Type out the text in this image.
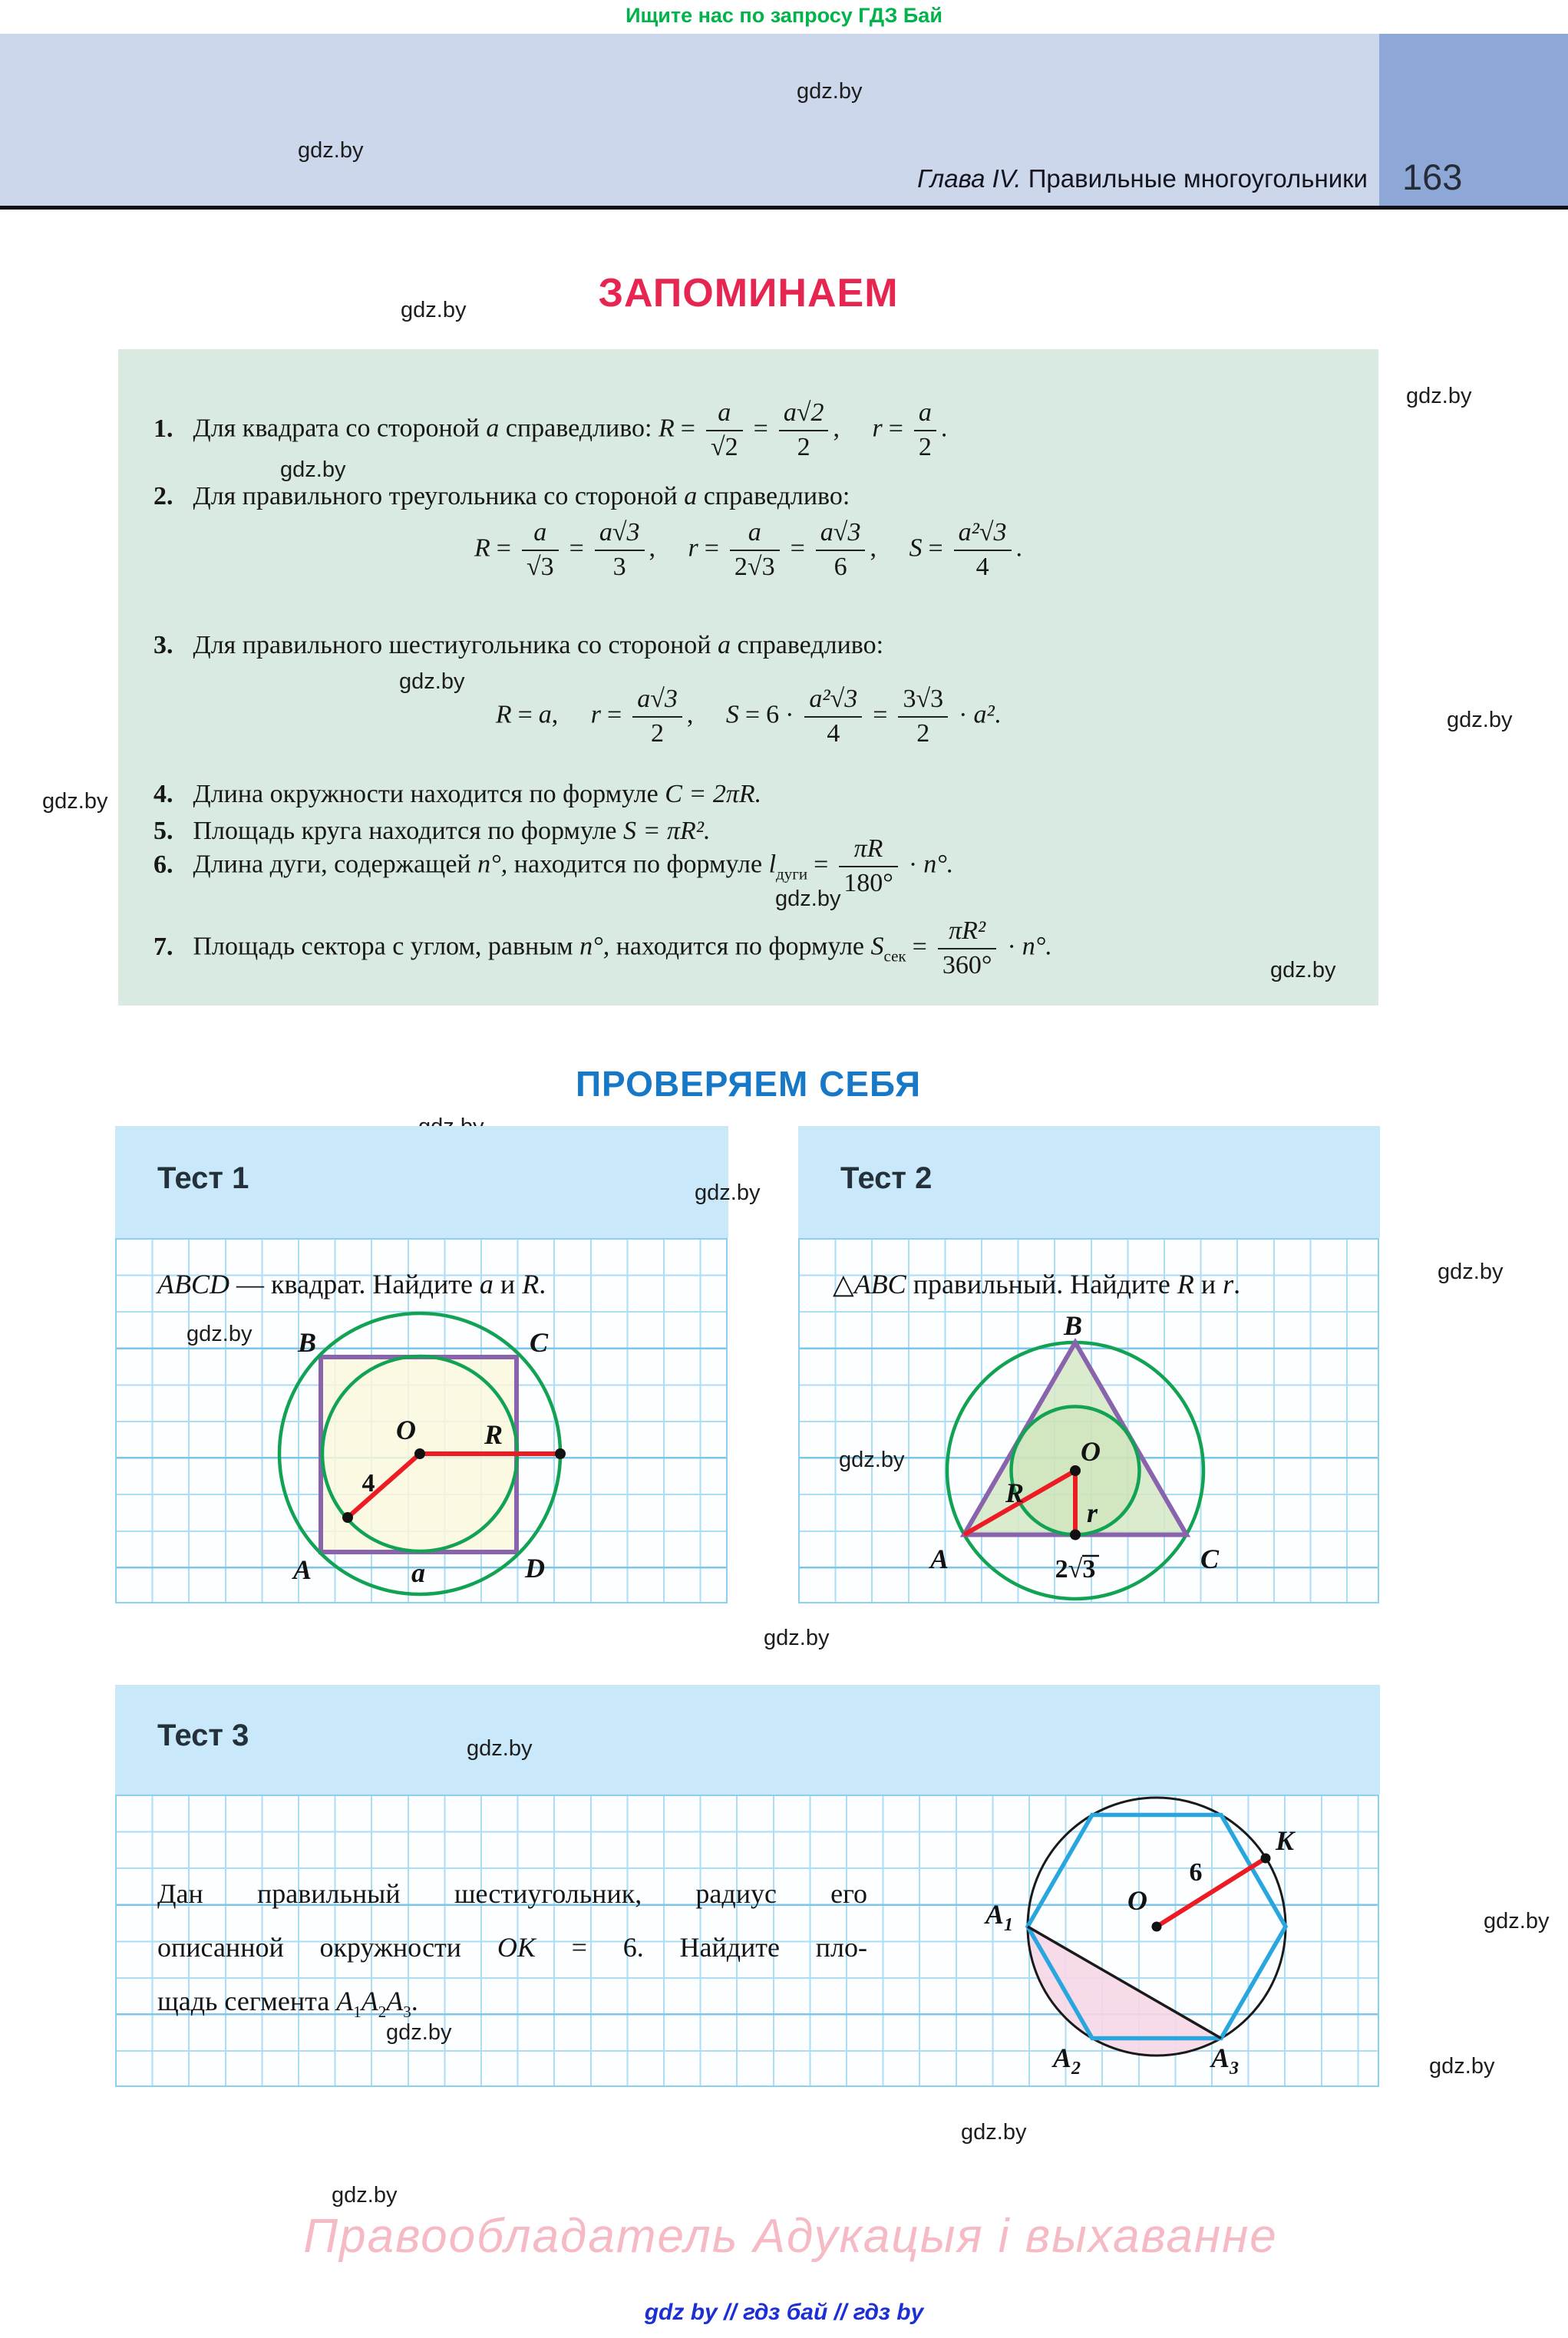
Ищите нас по запросу ГДЗ Бай
Глава IV. Правильные многоугольники 163
gdz.by
gdz.by
ЗАПОМИНАЕМ
gdz.by
gdz.by
gdz.by
gdz.by
1. Для квадрата со стороной a справедливо: $R = \frac{a}{√2} = \frac{a√2}{2}$ , $r = \frac{a}{2}$ .
gdz.by
2. Для правильного треугольника со стороной a справедливо:
$R = \frac{a}{√3} = \frac{a√3}{3}$ , $r = \frac{a}{2√3} = \frac{a√3}{6}$ , $S = \frac{\text{a²√3}}{4}$ .
3. Для правильного шестиугольника со стороной a справедливо:
gdz.by
R = a, $r = \frac{a√3}{2}$ , $S = 6 \cdot \frac{\text{a²√3}}{4} = \frac{3√3}{2} \cdot a^2$.
4. Длина окружности находится по формуле C = 2πR.
5. Площадь круга находится по формуле S = πR².
6. Длина дуги, содержащей n°, находится по формуле $l_{дуги} = \frac{\pi R}{180^\circ} \cdot n^\circ$.
gdz.by
7. Площадь сектора с углом, равным n°, находится по формуле $S_{сек} = \frac{\text{πR²}}{360^\circ} \cdot n^\circ$.
gdz.by
ПРОВЕРЯЕМ СЕБЯ
Тест 1	gdz.by
ABCD — квадрат. Найдите a и R.
gdz.by B	C
A	D
O R
4
a
Тест 2
gdz.by
△ABC правильный. Найдите R и r.
gdz.by
B
A	C
O
R
r
2√3
gdz.by
Тест 3	gdz.by
Дан правильный шестиугольник, радиус его
описанной окружности OK = 6. Найдите пло-
щадь сегмента $A_1A_2A_3$.
gdz.by
$A_1$
$A_2$	$A_3$
K
O
6
gdz.by
gdz.by
gdz.by
gdz.by
Правообладатель Адукацыя і выхаванне
gdz by // гдз бай // гдз by
